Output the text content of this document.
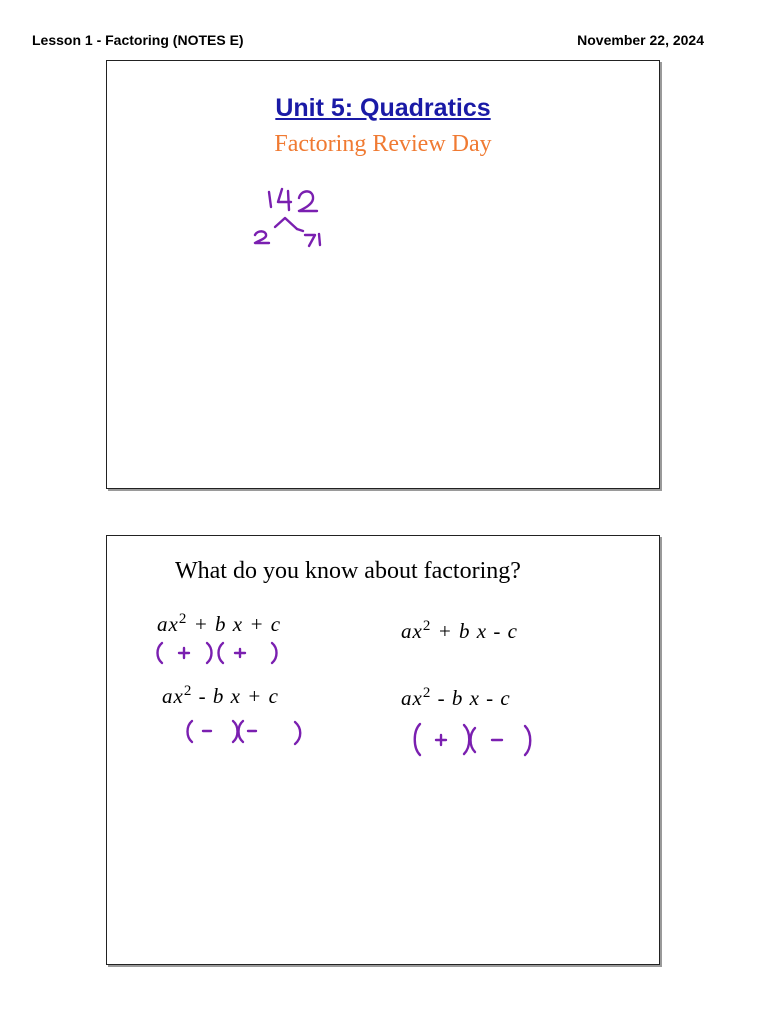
Lesson 1 - Factoring (NOTES E)	November 22, 2024
Unit 5: Quadratics
Factoring Review Day
What do you know about factoring?
$ax^2 + b$ x + c	$ax^2 + b$ x - c
$ax^2$ - b x + c	$ax^2$ - b x - c
